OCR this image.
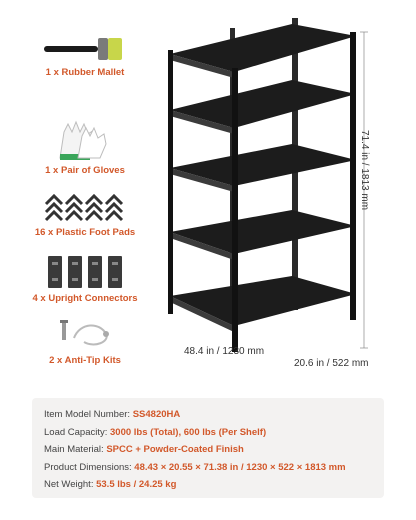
1 x Rubber Mallet
1 x Pair of Gloves
16 x Plastic Foot Pads
4 x Upright Connectors
2 x Anti-Tip Kits
71.4 in / 1813 mm
48.4 in / 1230 mm
20.6 in / 522 mm
Item Model Number: SS4820HA
Load Capacity: 3000 lbs (Total), 600 lbs (Per Shelf)
Main Material: SPCC + Powder-Coated Finish
Product Dimensions: 48.43 × 20.55 × 71.38 in / 1230 × 522 × 1813 mm
Net Weight: 53.5 lbs / 24.25 kg
